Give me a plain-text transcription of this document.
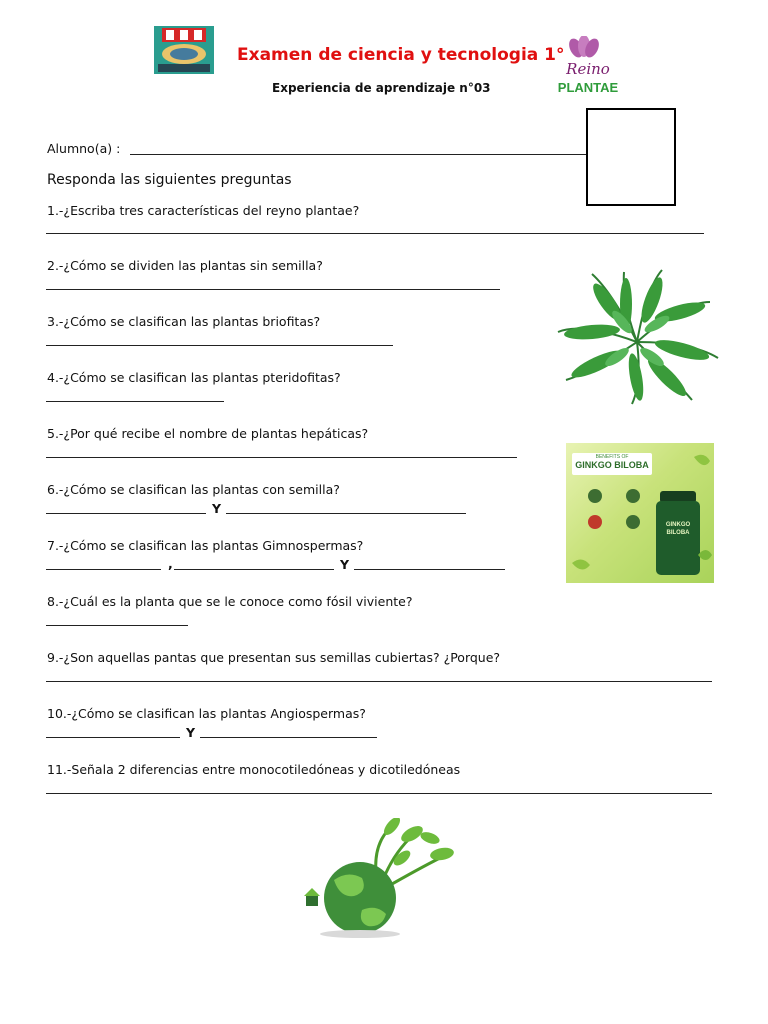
Examen de ciencia y tecnologia 1°
Experiencia de aprendizaje n°03
Reino
PLANTAE
Alumno(a) :
Responda las siguientes preguntas
1.-¿Escriba tres características del reyno plantae?
2.-¿Cómo se dividen las plantas sin semilla?
3.-¿Cómo se clasifican las plantas briofitas?
4.-¿Cómo se clasifican las plantas pteridofitas?
5.-¿Por qué recibe el nombre de plantas hepáticas?
6.-¿Cómo se clasifican las plantas con semilla?
Y
7.-¿Cómo se clasifican las plantas Gimnospermas?
,	Y
8.-¿Cuál es la planta que se le conoce como fósil viviente?
9.-¿Son aquellas pantas que presentan sus semillas cubiertas? ¿Porque?
10.-¿Cómo se clasifican las plantas Angiospermas?
Y
11.-Señala 2 diferencias entre monocotiledóneas y dicotiledóneas
BENEFITS OF
GINKGO BILOBA
GINKGO BILOBA
